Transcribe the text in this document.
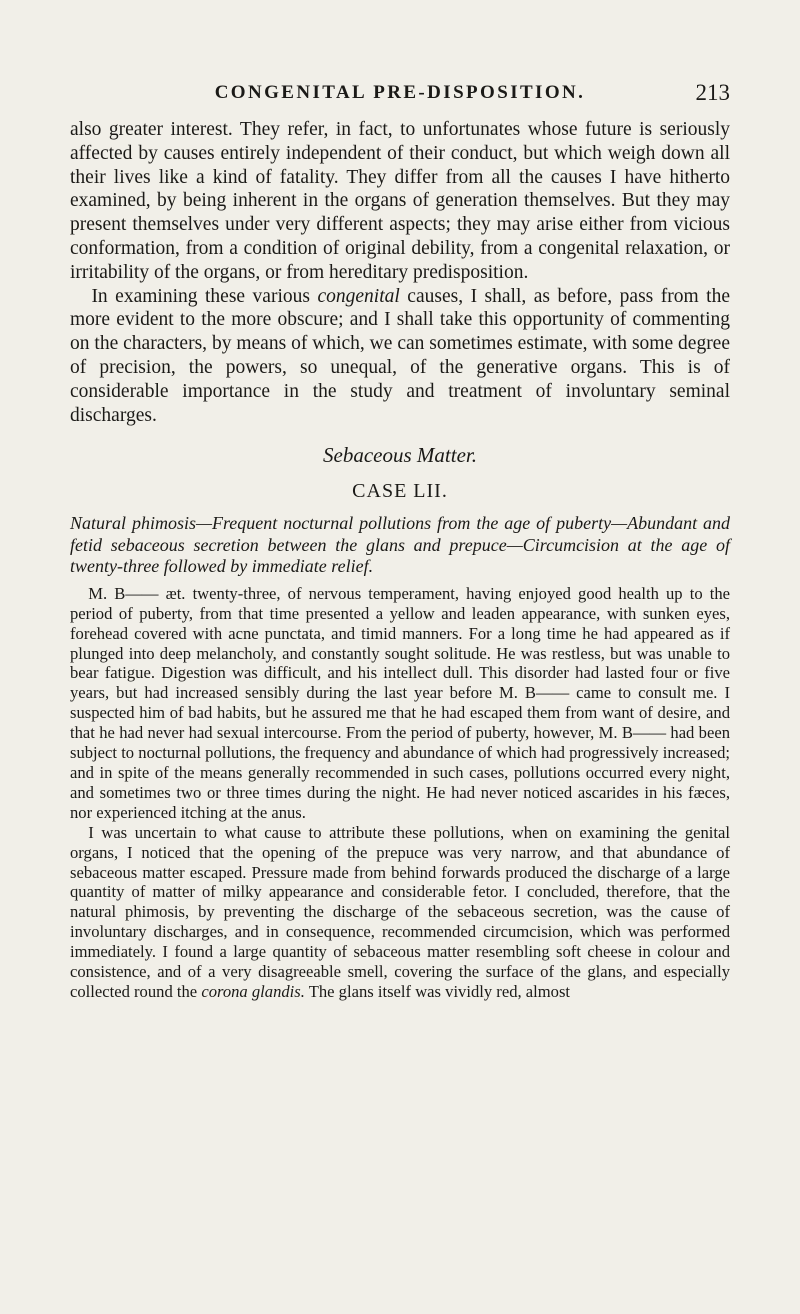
CONGENITAL PRE-DISPOSITION.	213

also greater interest. They refer, in fact, to unfortunates whose future is seriously affected by causes entirely independent of their conduct, but which weigh down all their lives like a kind of fatality. They differ from all the causes I have hitherto examined, by being inherent in the organs of generation themselves. But they may present themselves under very different aspects; they may arise either from vicious conformation, from a condition of original debility, from a congenital relaxation, or irritability of the organs, or from hereditary predisposition.

In examining these various congenital causes, I shall, as before, pass from the more evident to the more obscure; and I shall take this opportunity of commenting on the characters, by means of which, we can sometimes estimate, with some degree of precision, the powers, so unequal, of the generative organs. This is of considerable importance in the study and treatment of involuntary seminal discharges.

Sebaceous Matter.
CASE LII.

Natural phimosis—Frequent nocturnal pollutions from the age of puberty—Abundant and fetid sebaceous secretion between the glans and prepuce—Circumcision at the age of twenty-three followed by immediate relief.

M. B—— æt. twenty-three, of nervous temperament, having enjoyed good health up to the period of puberty, from that time presented a yellow and leaden appearance, with sunken eyes, forehead covered with acne punctata, and timid manners. For a long time he had appeared as if plunged into deep melancholy, and constantly sought solitude. He was restless, but was unable to bear fatigue. Digestion was difficult, and his intellect dull. This disorder had lasted four or five years, but had increased sensibly during the last year before M. B—— came to consult me. I suspected him of bad habits, but he assured me that he had escaped them from want of desire, and that he had never had sexual intercourse. From the period of puberty, however, M. B—— had been subject to nocturnal pollutions, the frequency and abundance of which had progressively increased; and in spite of the means generally recommended in such cases, pollutions occurred every night, and sometimes two or three times during the night. He had never noticed ascarides in his fæces, nor experienced itching at the anus.

I was uncertain to what cause to attribute these pollutions, when on examining the genital organs, I noticed that the opening of the prepuce was very narrow, and that abundance of sebaceous matter escaped. Pressure made from behind forwards produced the discharge of a large quantity of matter of milky appearance and considerable fetor. I concluded, therefore, that the natural phimosis, by preventing the discharge of the sebaceous secretion, was the cause of involuntary discharges, and in consequence, recommended circumcision, which was performed immediately. I found a large quantity of sebaceous matter resembling soft cheese in colour and consistence, and of a very disagreeable smell, covering the surface of the glans, and especially collected round the corona glandis. The glans itself was vividly red, almost
